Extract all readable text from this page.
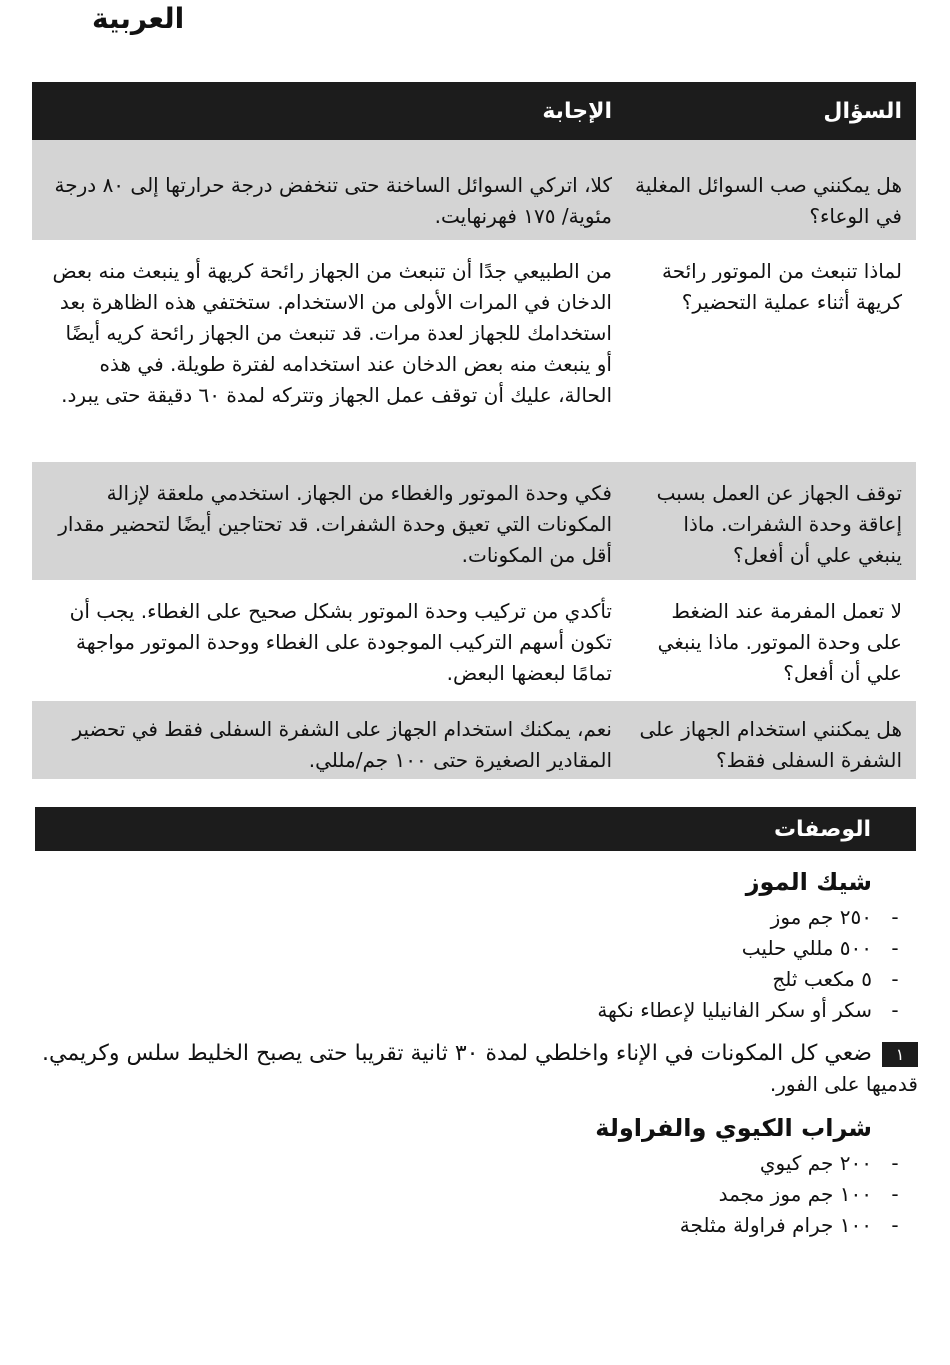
العربية
السؤال
الإجابة
هل يمكنني صب السوائل المغلية في الوعاء؟
كلا، اتركي السوائل الساخنة حتى تنخفض درجة حرارتها إلى ٨٠ درجة مئوية/ ١٧٥ فهرنهايت.
لماذا تنبعث من الموتور رائحة كريهة أثناء عملية التحضير؟
من الطبيعي جدًا أن تنبعث من الجهاز رائحة كريهة أو ينبعث منه بعض الدخان في المرات الأولى من الاستخدام. ستختفي هذه الظاهرة بعد استخدامك للجهاز لعدة مرات. قد تنبعث من الجهاز رائحة كريه أيضًا أو ينبعث منه بعض الدخان عند استخدامه لفترة طويلة. في هذه الحالة، عليك أن توقف عمل الجهاز وتتركه لمدة ٦٠ دقيقة حتى يبرد.
توقف الجهاز عن العمل بسبب إعاقة وحدة الشفرات. ماذا ينبغي علي أن أفعل؟
فكي وحدة الموتور والغطاء من الجهاز. استخدمي ملعقة لإزالة المكونات التي تعيق وحدة الشفرات. قد تحتاجين أيضًا لتحضير مقدار أقل من المكونات.
لا تعمل المفرمة عند الضغط على وحدة الموتور. ماذا ينبغي علي أن أفعل؟
تأكدي من تركيب وحدة الموتور بشكل صحيح على الغطاء. يجب أن تكون أسهم التركيب الموجودة على الغطاء ووحدة الموتور مواجهة تمامًا لبعضها البعض.
هل يمكنني استخدام الجهاز على الشفرة السفلى فقط؟
نعم، يمكنك استخدام الجهاز على الشفرة السفلى فقط في تحضير المقادير الصغيرة حتى ١٠٠ جم/مللي.
الوصفات
شيك الموز
-
٢٥٠ جم موز
-
٥٠٠ مللي حليب
-
٥ مكعب ثلج
-
سكر أو سكر الفانيليا لإعطاء نكهة
١
ضعي كل المكونات في الإناء واخلطي لمدة ٣٠ ثانية تقريبا حتى يصبح الخليط سلس وكريمي.
قدميها على الفور.
شراب الكيوي والفراولة
-
٢٠٠ جم كيوي
-
١٠٠ جم موز مجمد
-
١٠٠ جرام فراولة مثلجة
